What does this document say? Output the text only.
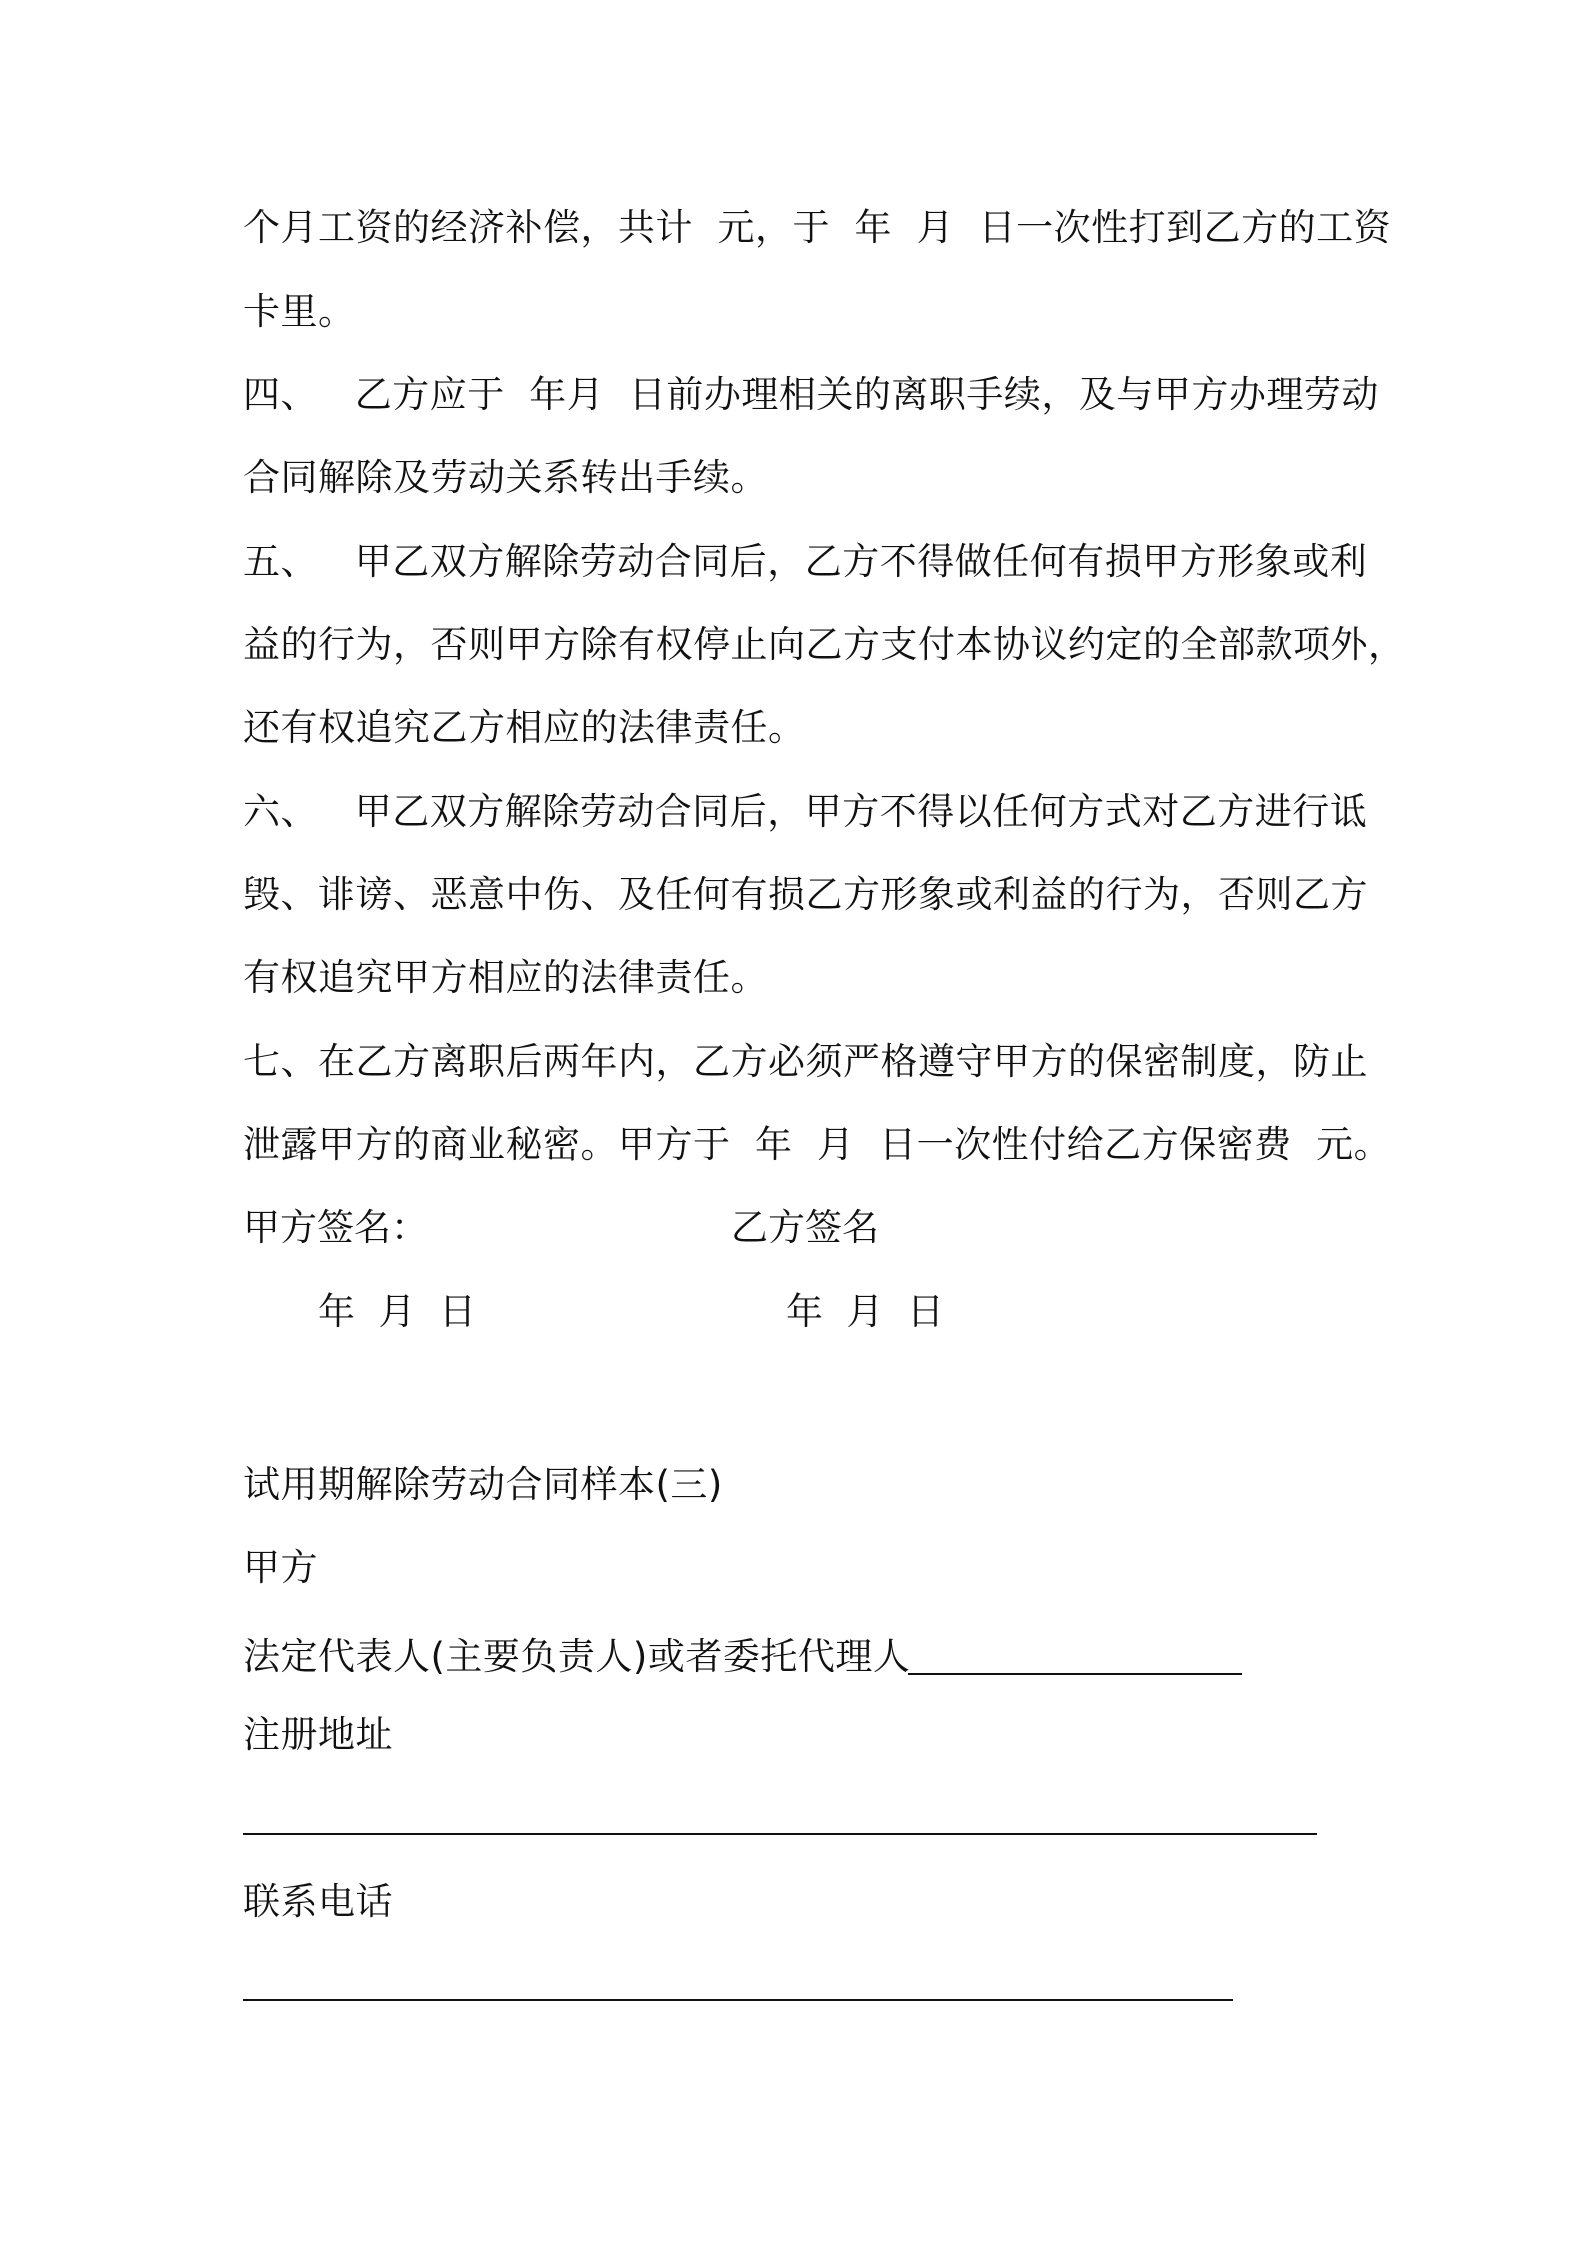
个月工资的经济补偿，共计  元，于  年  月  日一次性打到乙方的工资
卡里。
四、   乙方应于  年月  日前办理相关的离职手续，及与甲方办理劳动
合同解除及劳动关系转出手续。
五、   甲乙双方解除劳动合同后，乙方不得做任何有损甲方形象或利
益的行为，否则甲方除有权停止向乙方支付本协议约定的全部款项外，
还有权追究乙方相应的法律责任。
六、   甲乙双方解除劳动合同后，甲方不得以任何方式对乙方进行诋
毁、诽谤、恶意中伤、及任何有损乙方形象或利益的行为，否则乙方
有权追究甲方相应的法律责任。
七、在乙方离职后两年内，乙方必须严格遵守甲方的保密制度，防止
泄露甲方的商业秘密。甲方于  年  月  日一次性付给乙方保密费  元。
甲方签名：	乙方签名
年  月  日	年  月  日
试用期解除劳动合同样本(三)
甲方
法定代表人(主要负责人)或者委托代理人
注册地址
联系电话
